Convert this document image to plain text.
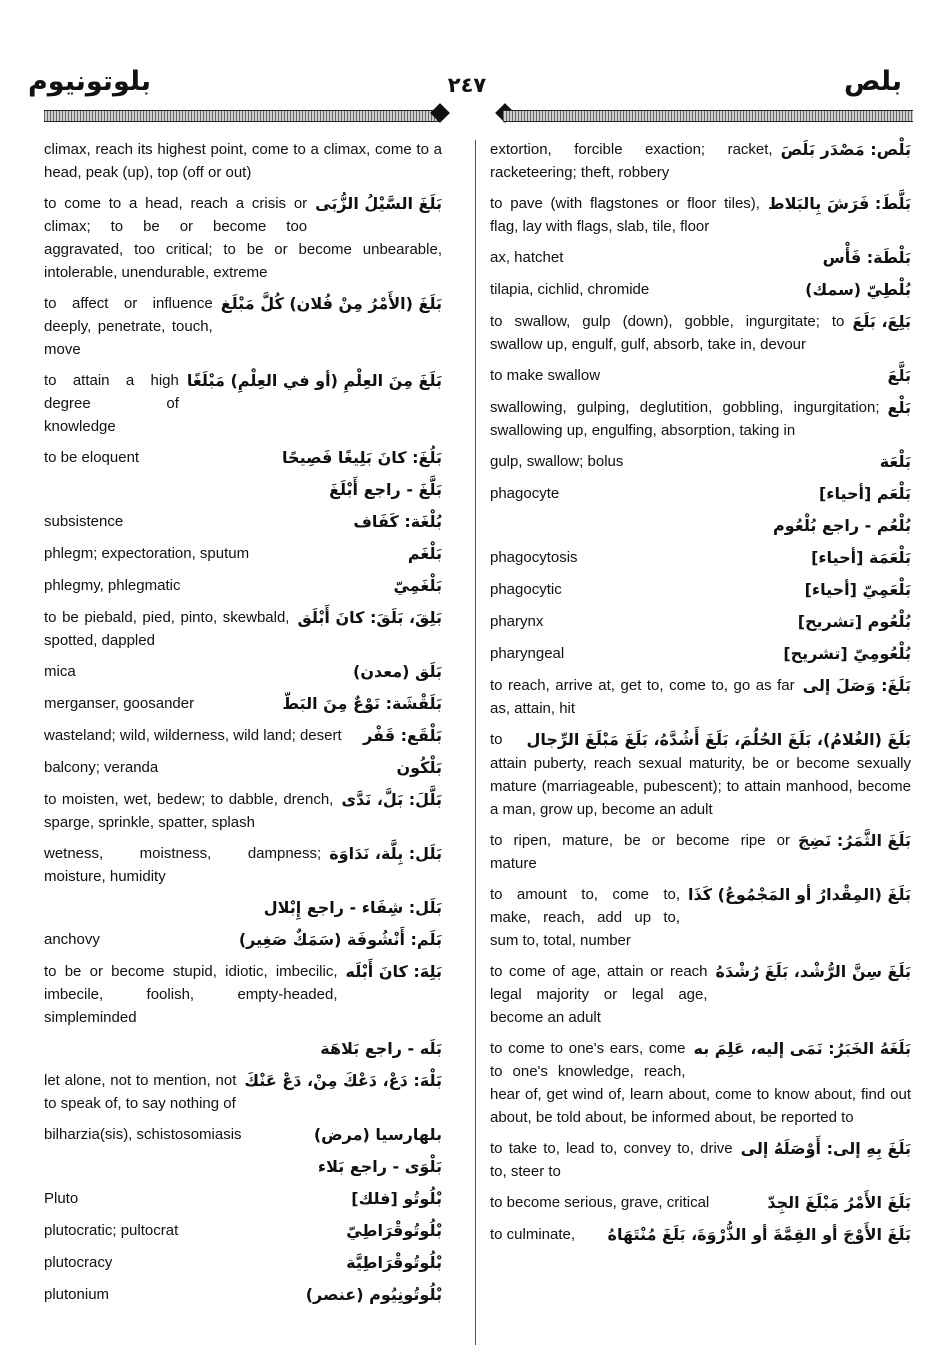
بلوتونيوم	٢٤٧	بلص
climax, reach its highest point, come to a climax, come to a head, peak (up), top (off or out)
بَلَغَ السَّيْلُ الزُّبَى
to come to a head, reach a crisis or climax; to be or become too aggravated, too critical; to be or become unbearable, intolerable, unendurable, extreme
بَلَغَ (الأَمْرُ مِنْ فُلان) كُلَّ مَبْلَغ
to affect or influence deeply, penetrate, touch, move
بَلَغَ مِنَ العِلْمِ (أو في العِلْمِ) مَبْلَغًا
to attain a high degree of knowledge
بَلُغَ: كانَ بَلِيغًا فَصِيحًا
to be eloquent
بَلَّغَ - راجع أَبْلَغَ
بُلْغَة: كَفَاف
subsistence
بَلْغَم
phlegm; expectoration, sputum
بَلْغَمِيّ
phlegmy, phlegmatic
بَلِقَ، بَلَقَ: كانَ أَبْلَق
to be piebald, pied, pinto, skewbald, spotted, dappled
بَلَق (معدن)
mica
بَلَقْشَة: نَوْعٌ مِنَ البَطّ
merganser, goosander
بَلْقَع: قَفْر
wasteland; wild, wilderness, wild land; desert
بَلْكُون
balcony; veranda
بَلَّلَ: بَلَّ، نَدَّى
to moisten, wet, bedew; to dabble, drench, sparge, sprinkle, spatter, splash
بَلَل: بِلَّة، نَدَاوَة
wetness, moistness, dampness; moisture, humidity
بَلَل: شِفَاء - راجع إِبْلال
بَلَم: أَنْشُوفَة (سَمَكٌ صَغِير)
anchovy
بَلِهَ: كانَ أَبْلَه
to be or become stupid, idiotic, imbecilic, imbecile, foolish, empty-headed, simpleminded
بَلَه - راجع بَلاهَة
بَلْهَ: دَعْ، دَعْكَ مِنْ، دَعْ عَنْكَ
let alone, not to mention, not to speak of, to say nothing of
بلهارسيا (مرض)
bilharzia(sis), schistosomiasis
بَلْوَى - راجع بَلاء
بْلُوتُو [فلك]
Pluto
بْلُوتُوقْرَاطِيّ
plutocratic; pultocrat
بْلُوتُوقْرَاطِيَّة
plutocracy
بْلُوتُونِيُوم (عنصر)
plutonium
بَلْص: مَصْدَر بَلَصَ
extortion, forcible exaction; racket, racketeering; theft, robbery
بَلَّطَ: فَرَشَ بِالبَلاط
to pave (with flagstones or floor tiles), flag, lay with flags, slab, tile, floor
بَلْطَة: فَأْس
ax, hatchet
بُلْطِيّ (سمك)
tilapia, cichlid, chromide
بَلِعَ، بَلَعَ
to swallow, gulp (down), gobble, ingurgitate; to swallow up, engulf, gulf, absorb, take in, devour
بَلَّعَ
to make swallow
بَلْع
swallowing, gulping, deglutition, gobbling, ingurgitation; swallowing up, engulfing, absorption, taking in
بَلْعَة
gulp, swallow; bolus
بَلْعَم [أحياء]
phagocyte
بُلْعُم - راجع بُلْعُوم
بَلْعَمَة [أحياء]
phagocytosis
بَلْعَمِيّ [أحياء]
phagocytic
بُلْعُوم [تشريح]
pharynx
بُلْعُومِيّ [تشريح]
pharyngeal
بَلَغَ: وَصَلَ إلى
to reach, arrive at, get to, come to, go as far as, attain, hit
بَلَغَ (الغُلامُ)، بَلَغَ الحُلُمَ، بَلَغَ أَشُدَّهُ، بَلَغَ مَبْلَغَ الرِّجال
to attain puberty, reach sexual maturity, be or become sexually mature (marriageable, pubescent); to attain manhood, become a man, grow up, become an adult
بَلَغَ الثَّمَرُ: نَضِجَ
to ripen, mature, be or become ripe or mature
بَلَغَ (المِقْدارُ أو المَجْمُوعُ) كَذَا
to amount to, come to, make, reach, add up to, sum to, total, number
بَلَغَ سِنَّ الرُّشْد، بَلَغَ رُشْدَهُ
to come of age, attain or reach legal majority or legal age, become an adult
بَلَغَهُ الخَبَرُ: نَمَى إليه، عَلِمَ به
to come to one's ears, come to one's knowledge, reach, hear of, get wind of, learn about, come to know about, find out about, be told about, be informed about, be reported to
بَلَغَ بِهِ إلى: أَوْصَلَهُ إلى
to take to, lead to, convey to, drive to, steer to
بَلَغَ الأَمْرُ مَبْلَغَ الجِدّ
to become serious, grave, critical
بَلَغَ الأَوْجَ أو القِمَّةَ أو الذُّرْوَةَ، بَلَغَ مُنْتَهَاهُ
to culminate,
